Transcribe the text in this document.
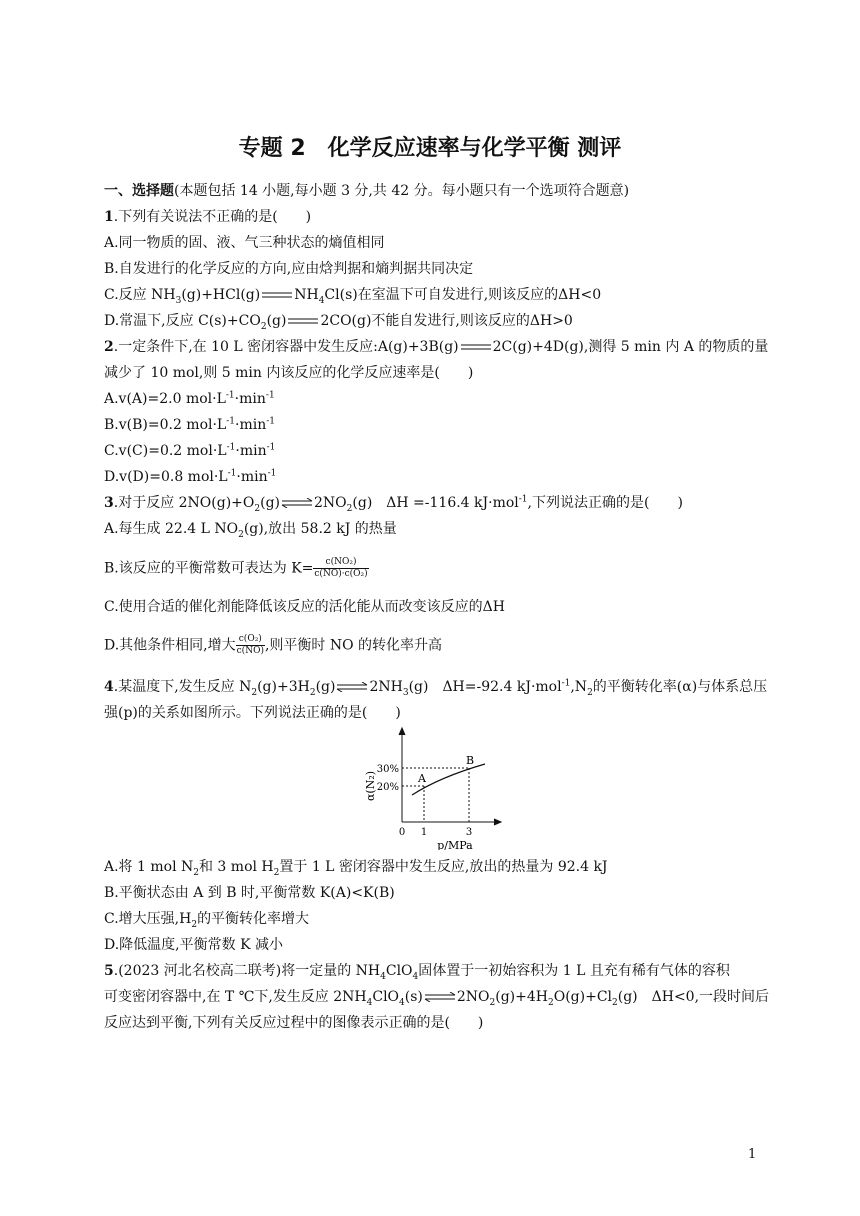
专题 2　化学反应速率与化学平衡 测评
一、选择题(本题包括 14 小题,每小题 3 分,共 42 分。每小题只有一个选项符合题意)
1.下列有关说法不正确的是(　　)
A.同一物质的固、液、气三种状态的熵值相同
B.自发进行的化学反应的方向,应由焓判据和熵判据共同决定
C.反应 $NH_3(g)+HCl(g)$ $NH_4Cl(s)$在室温下可自发进行,则该反应的ΔH<0
D.常温下,反应 $C(s)+CO_2(g)$ 2CO(g)不能自发进行,则该反应的ΔH>0
2.一定条件下,在 10 L 密闭容器中发生反应:A(g)+3B(g) 2C(g)+4D(g),测得 5 min 内 A 的物质的量
减少了 10 mol,则 5 min 内该反应的化学反应速率是(　　)
A.v(A)=2.0 $mol\cdot L^{-1}\cdot\min^{-1}$
B.v(B)=0.2 $mol\cdot L^{-1}\cdot\min^{-1}$
C.v(C)=0.2 $mol\cdot L^{-1}\cdot\min^{-1}$
D.v(D)=0.8 $mol\cdot L^{-1}\cdot\min^{-1}$
3.对于反应 $2NO(g)+O_2(g)\rightleftharpoons 2NO_2(g)$　ΔH =-116.4 kJ·mol$^{-1}$,下列说法正确的是(　　)
A.每生成 22.4 L $NO_2(g)$,放出 58.2 kJ 的热量
B.该反应的平衡常数可表达为 $K= \frac{\text{c(NO₂)}}{\text{c(NO)·c(O₂)}}$
C.使用合适的催化剂能降低该反应的活化能从而改变该反应的ΔH
D.其他条件相同,增大 $\frac{\text{c(O₂)}}{c(NO)}$ ,则平衡时 NO 的转化率升高
4.某温度下,发生反应 $N_2(g)+3H_2(g)\rightleftharpoons 2NH_3(g)$　ΔH=-92.4 $kJ\cdot mol^{-1},N_2$的平衡转化率(α)与体系总压
强(p)的关系如图所示。下列说法正确的是(　　)
α(N₂)
30%
20%
0 1	3
p/MPa
A
B
A.将 1 mol $N_2$和 3 mol $H_2$置于 1 L 密闭容器中发生反应,放出的热量为 92.4 kJ
B.平衡状态由 A 到 B 时,平衡常数 K(A)<K(B)
C.增大压强$,H_2$的平衡转化率增大
D.降低温度,平衡常数 K 减小
5.(2023 河北名校高二联考)将一定量的 $NH_4ClO_4$固体置于一初始容积为 1 L 且充有稀有气体的容积
可变密闭容器中,在 T ℃下,发生反应 $2NH_4ClO_4(s)\rightleftharpoons 2NO_2(g)+4H_2O(g)+Cl_2(g)$　ΔH<0,一段时间后
反应达到平衡,下列有关反应过程中的图像表示正确的是(　　)
1
